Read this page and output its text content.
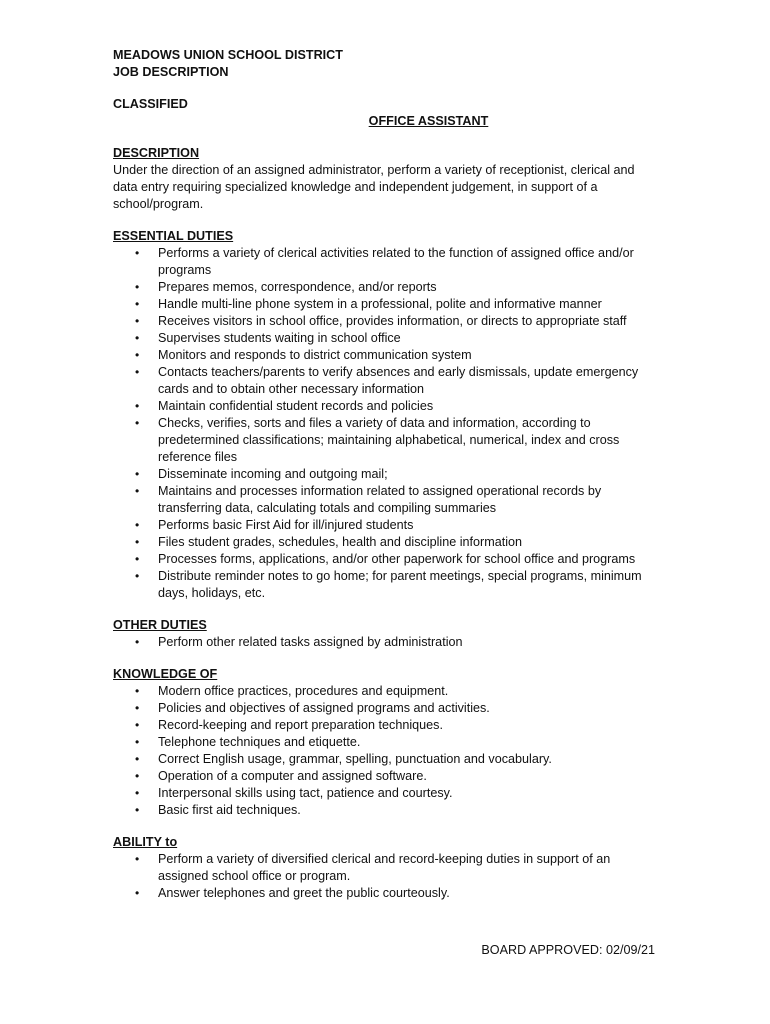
MEADOWS UNION SCHOOL DISTRICT
JOB DESCRIPTION
CLASSIFIED
OFFICE ASSISTANT
DESCRIPTION

Under the direction of an assigned administrator, perform a variety of receptionist, clerical and data entry requiring specialized knowledge and independent judgement, in support of a school/program.

ESSENTIAL DUTIES
• Performs a variety of clerical activities related to the function of assigned office and/or programs
• Prepares memos, correspondence, and/or reports
• Handle multi-line phone system in a professional, polite and informative manner
• Receives visitors in school office, provides information, or directs to appropriate staff
• Supervises students waiting in school office
• Monitors and responds to district communication system
• Contacts teachers/parents to verify absences and early dismissals, update emergency cards and to obtain other necessary information
• Maintain confidential student records and policies
• Checks, verifies, sorts and files a variety of data and information, according to predetermined classifications; maintaining alphabetical, numerical, index and cross reference files
• Disseminate incoming and outgoing mail;
• Maintains and processes information related to assigned operational records by transferring data, calculating totals and compiling summaries
• Performs basic First Aid for ill/injured students
• Files student grades, schedules, health and discipline information
• Processes forms, applications, and/or other paperwork for school office and programs
• Distribute reminder notes to go home; for parent meetings, special programs, minimum days, holidays, etc.
OTHER DUTIES
• Perform other related tasks assigned by administration
KNOWLEDGE OF
• Modern office practices, procedures and equipment.
• Policies and objectives of assigned programs and activities.
• Record-keeping and report preparation techniques.
• Telephone techniques and etiquette.
• Correct English usage, grammar, spelling, punctuation and vocabulary.
• Operation of a computer and assigned software.
• Interpersonal skills using tact, patience and courtesy.
• Basic first aid techniques.
ABILITY to
• Perform a variety of diversified clerical and record-keeping duties in support of an assigned school office or program.
• Answer telephones and greet the public courteously.
BOARD APPROVED: 02/09/21
